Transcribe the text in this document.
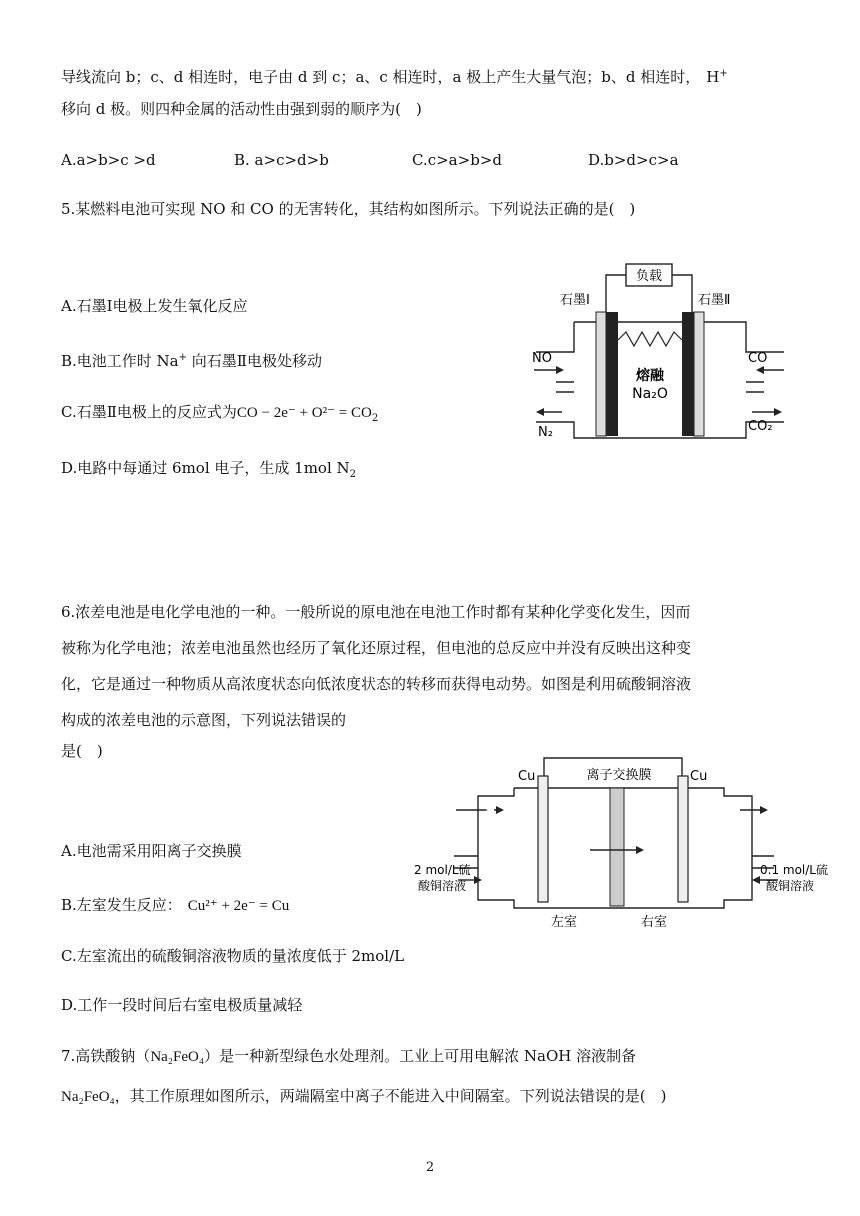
导线流向 b；c、d 相连时，电子由 d 到 c；a、c 相连时，a 极上产生大量气泡；b、d 相连时， H+
移向 d 极。则四种金属的活动性由强到弱的顺序为(　)
A.a>b>c >d	B. a>c>d>b	C.c>a>b>d	D.b>d>c>a
5.某燃料电池可实现 NO 和 CO 的无害转化，其结构如图所示。下列说法正确的是(　)
A.石墨Ⅰ电极上发生氧化反应
B.电池工作时 Na+ 向石墨Ⅱ电极处移动
C.石墨Ⅱ电极上的反应式为CO − $2e^- + O^{2-} = CO_2$
D.电路中每通过 6mol 电子，生成 1mol $N_2$
负载
石墨Ⅰ	石墨Ⅱ
熔融
Na₂O
NO
N₂
CO
CO₂
6.浓差电池是电化学电池的一种。一般所说的原电池在电池工作时都有某种化学变化发生，因而
被称为化学电池；浓差电池虽然也经历了氧化还原过程，但电池的总反应中并没有反映出这种变
化，它是通过一种物质从高浓度状态向低浓度状态的转移而获得电动势。如图是利用硫酸铜溶液
构成的浓差电池的示意图，下列说法错误的
是(　)
A.电池需采用阳离子交换膜
B.左室发生反应： Cu²⁺ + 2e⁻ = Cu
C.左室流出的硫酸铜溶液物质的量浓度低于 2mol/L
D.工作一段时间后右室电极质量减轻
离子交换膜
Cu	Cu
2 mol/L硫
酸铜溶液
0.1 mol/L硫
酸铜溶液
左室	右室
7.高铁酸钠（Na₂FeO₄）是一种新型绿色水处理剂。工业上可用电解浓 NaOH 溶液制备
Na₂FeO₄，其工作原理如图所示，两端隔室中离子不能进入中间隔室。下列说法错误的是(　)
2
